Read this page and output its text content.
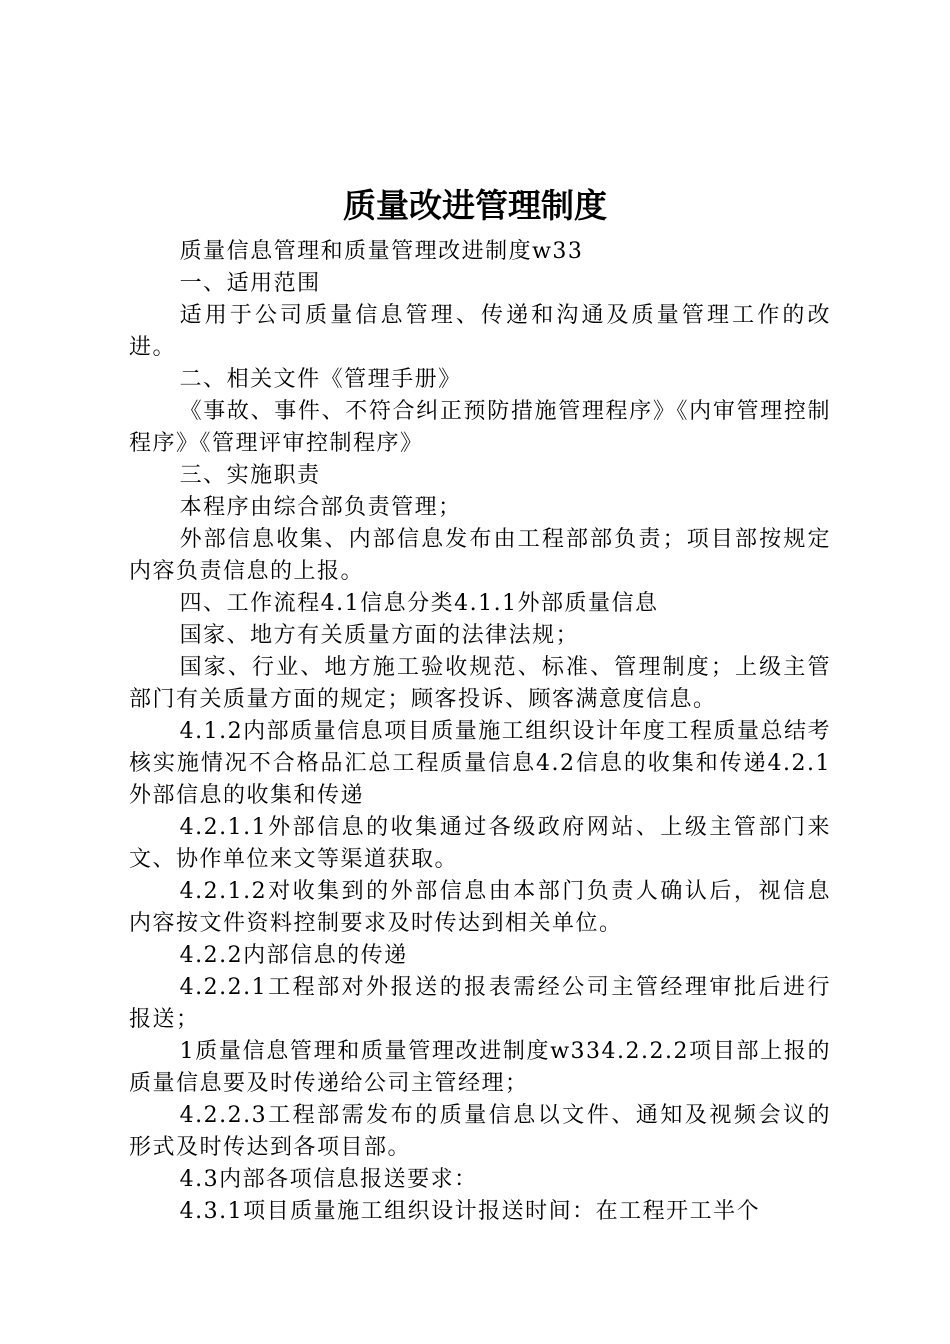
质量改进管理制度

质量信息管理和质量管理改进制度w33

一、适用范围

适用于公司质量信息管理、传递和沟通及质量管理工作的改进。

二、相关文件《管理手册》

《事故、事件、不符合纠正预防措施管理程序》《内审管理控制程序》《管理评审控制程序》

三、实施职责

本程序由综合部负责管理；

外部信息收集、内部信息发布由工程部部负责；项目部按规定内容负责信息的上报。

四、工作流程4.1信息分类4.1.1外部质量信息

国家、地方有关质量方面的法律法规；

国家、行业、地方施工验收规范、标准、管理制度；上级主管部门有关质量方面的规定；顾客投诉、顾客满意度信息。

4.1.2内部质量信息项目质量施工组织设计年度工程质量总结考核实施情况不合格品汇总工程质量信息4.2信息的收集和传递4.2.1外部信息的收集和传递

4.2.1.1外部信息的收集通过各级政府网站、上级主管部门来文、协作单位来文等渠道获取。

4.2.1.2对收集到的外部信息由本部门负责人确认后，视信息内容按文件资料控制要求及时传达到相关单位。

4.2.2内部信息的传递

4.2.2.1工程部对外报送的报表需经公司主管经理审批后进行报送；

1质量信息管理和质量管理改进制度w334.2.2.2项目部上报的质量信息要及时传递给公司主管经理；

4.2.2.3工程部需发布的质量信息以文件、通知及视频会议的形式及时传达到各项目部。

4.3内部各项信息报送要求：

4.3.1项目质量施工组织设计报送时间：在工程开工半个
